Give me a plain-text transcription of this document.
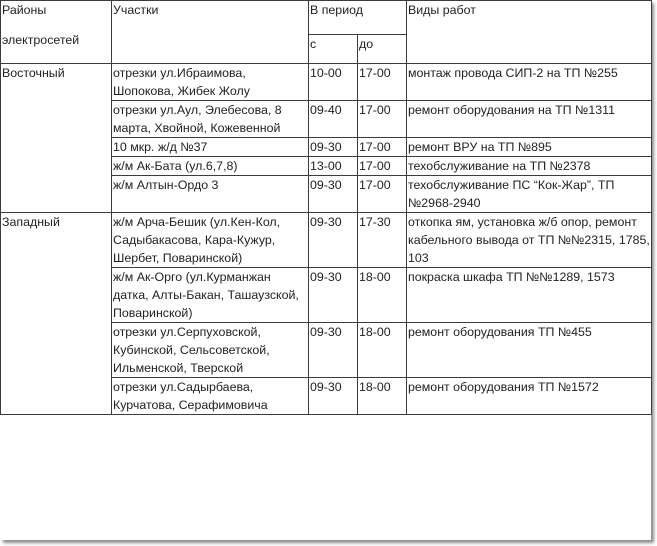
Районы
электросетей	Участки	В период		Виды работ
		с	до	
Восточный	отрезки ул.Ибраимова, Шопокова, Жибек Жолу	10-00	17-00	монтаж провода СИП-2 на ТП №255
	отрезки ул.Аул, Элебесова, 8 марта, Хвойной, Кожевенной	09-40	17-00	ремонт оборудования на ТП №1311
	10 мкр. ж/д №37	09-30	17-00	ремонт ВРУ на ТП №895
	ж/м Ак-Бата (ул.6,7,8)	13-00	17-00	техобслуживание на ТП №2378
	ж/м Алтын-Ордо 3	09-30	17-00	техобслуживание ПС “Кок-Жар”, ТП №2968-2940
Западный	ж/м Арча-Бешик (ул.Кен-Кол, Садыбакасова, Кара-Кужур, Шербет, Поваринской)	09-30	17-30	откопка ям, установка ж/б опор, ремонт кабельного вывода от ТП №№2315, 1785, 103
	ж/м Ак-Орго (ул.Курманжан датка, Алты-Бакан, Ташаузской, Поваринской)	09-30	18-00	покраска шкафа ТП №№1289, 1573
	отрезки ул.Серпуховской, Кубинской, Сельсоветской, Ильменской, Тверской	09-30	18-00	ремонт оборудования ТП №455
	отрезки ул.Садырбаева, Курчатова, Серафимовича	09-30	18-00	ремонт оборудования ТП №1572
